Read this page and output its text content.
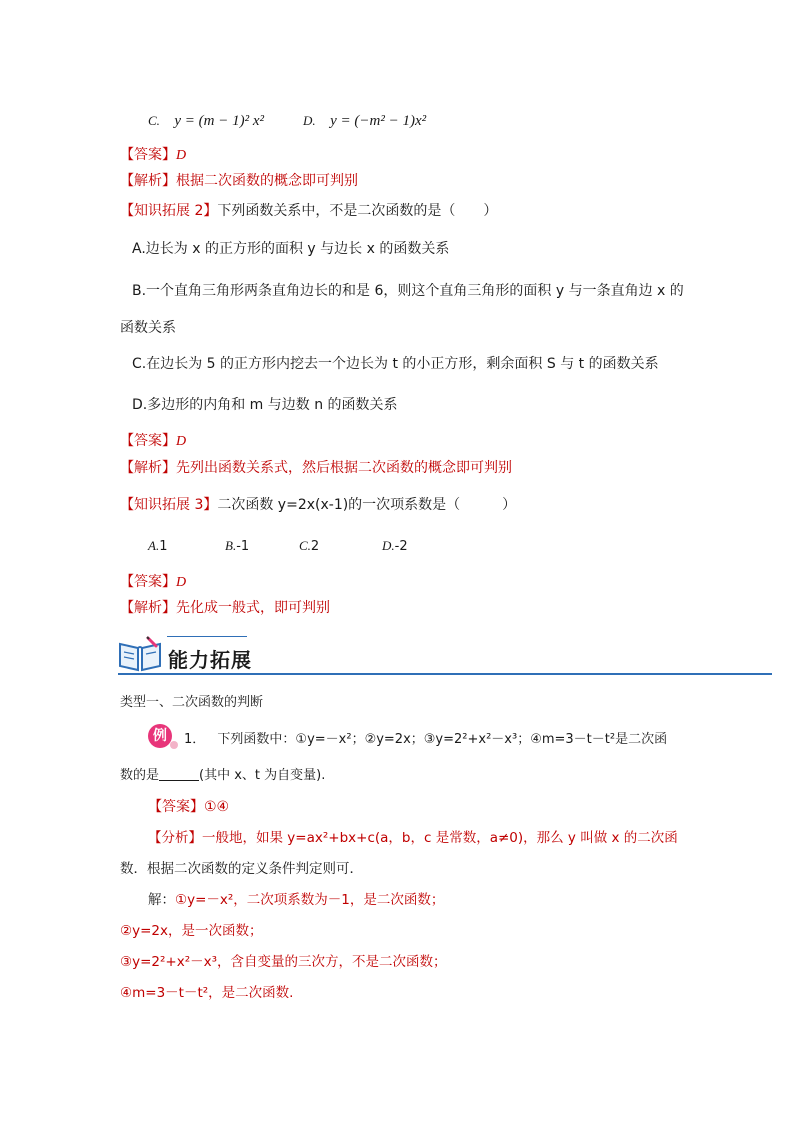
C. y = (m − 1)² x²	D. y = (−m² − 1)x²
【答案】D
【解析】根据二次函数的概念即可判别
【知识拓展 2】下列函数关系中，不是二次函数的是（　　）
A.边长为 x 的正方形的面积 y 与边长 x 的函数关系
B.一个直角三角形两条直角边长的和是 6，则这个直角三角形的面积 y 与一条直角边 x 的
函数关系
C.在边长为 5 的正方形内挖去一个边长为 t 的小正方形，剩余面积 S 与 t 的函数关系
D.多边形的内角和 m 与边数 n 的函数关系
【答案】D
【解析】先列出函数关系式，然后根据二次函数的概念即可判别
【知识拓展 3】二次函数 y=2x(x-1)的一次项系数是（　　　）
A.1	B.-1	C.2	D.-2
【答案】D
【解析】先化成一般式，即可判别
能力拓展
类型一、二次函数的判断
例	1． 下列函数中：①y=－x²；②y=2x；③y=2²+x²－x³；④m=3－t－t²是二次函
数的是	(其中 x、t 为自变量).
【答案】①④
【分析】一般地，如果 y=ax²+bx+c(a，b，c 是常数，a≠0)，那么 y 叫做 x 的二次函
数．根据二次函数的定义条件判定则可．
解：①y=－x²，二次项系数为－1，是二次函数；
②y=2x，是一次函数；
③y=2²+x²－x³，含自变量的三次方，不是二次函数；
④m=3－t－t²，是二次函数.
